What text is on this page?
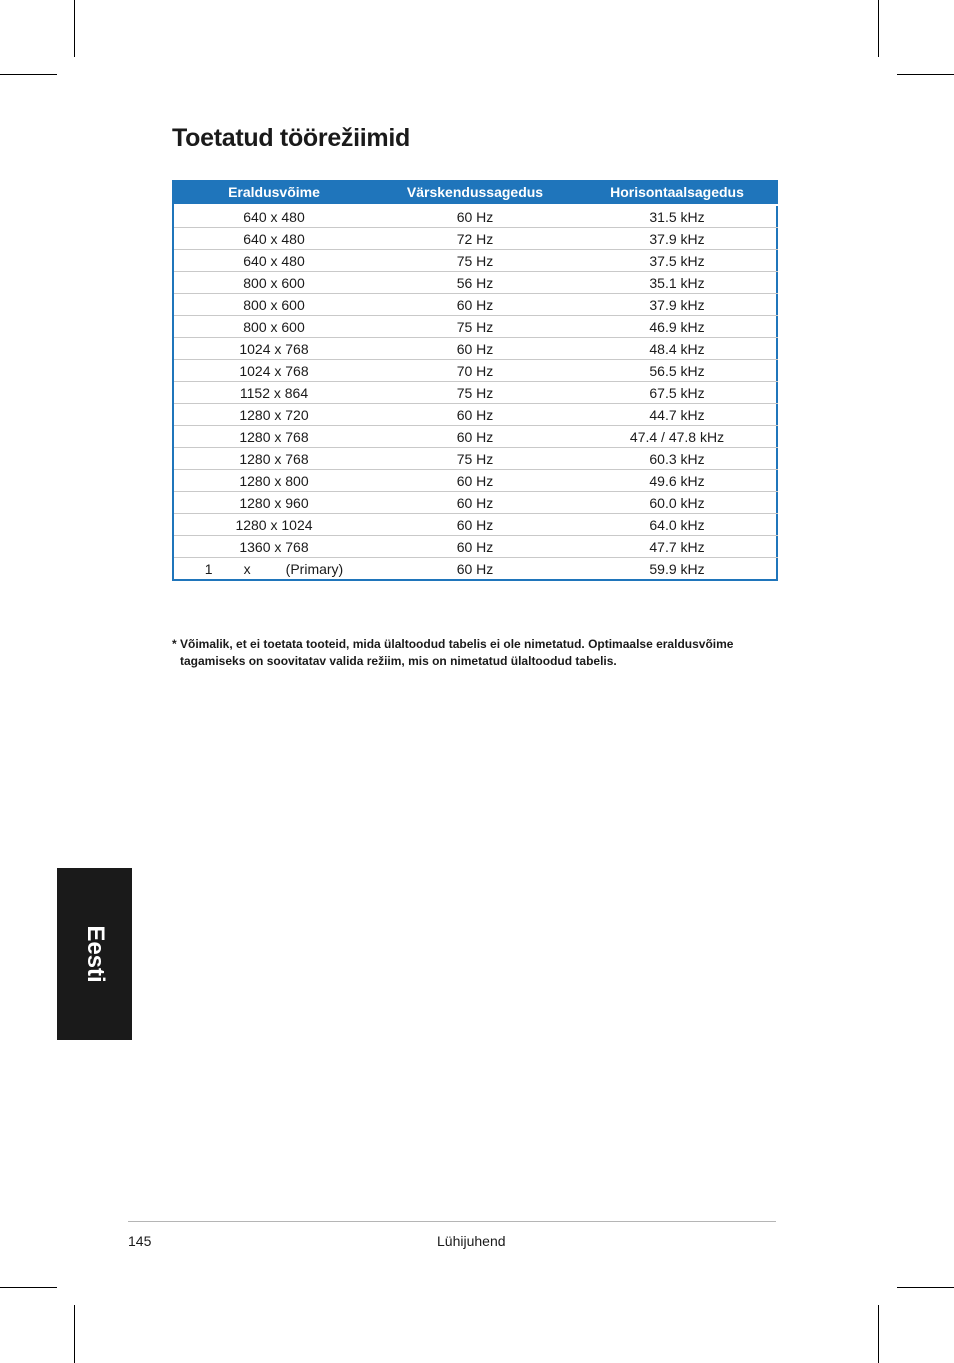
Toetatud töörežiimid
Eraldusvõime	Värskendussagedus	Horisontaalsagedus
640 x 480	60 Hz	31.5 kHz
640 x 480	72 Hz	37.9 kHz
640 x 480	75 Hz	37.5 kHz
800 x 600	56 Hz	35.1 kHz
800 x 600	60 Hz	37.9 kHz
800 x 600	75 Hz	46.9 kHz
1024 x 768	60 Hz	48.4 kHz
1024 x 768	70 Hz	56.5 kHz
1152 x 864	75 Hz	67.5 kHz
1280 x 720	60 Hz	44.7 kHz
1280 x 768	60 Hz	47.4 / 47.8 kHz
1280 x 768	75 Hz	60.3 kHz
1280 x 800	60 Hz	49.6 kHz
1280 x 960	60 Hz	60.0 kHz
1280 x 1024	60 Hz	64.0 kHz
1360 x 768	60 Hz	47.7 kHz
1        x         (Primary)	60 Hz	59.9 kHz
* Võimalik, et ei toetata tooteid, mida ülaltoodud tabelis ei ole nimetatud. Optimaalse eraldusvõime
tagamiseks on soovitatav valida režiim, mis on nimetatud ülaltoodud tabelis.
Eesti
145	Lühijuhend
